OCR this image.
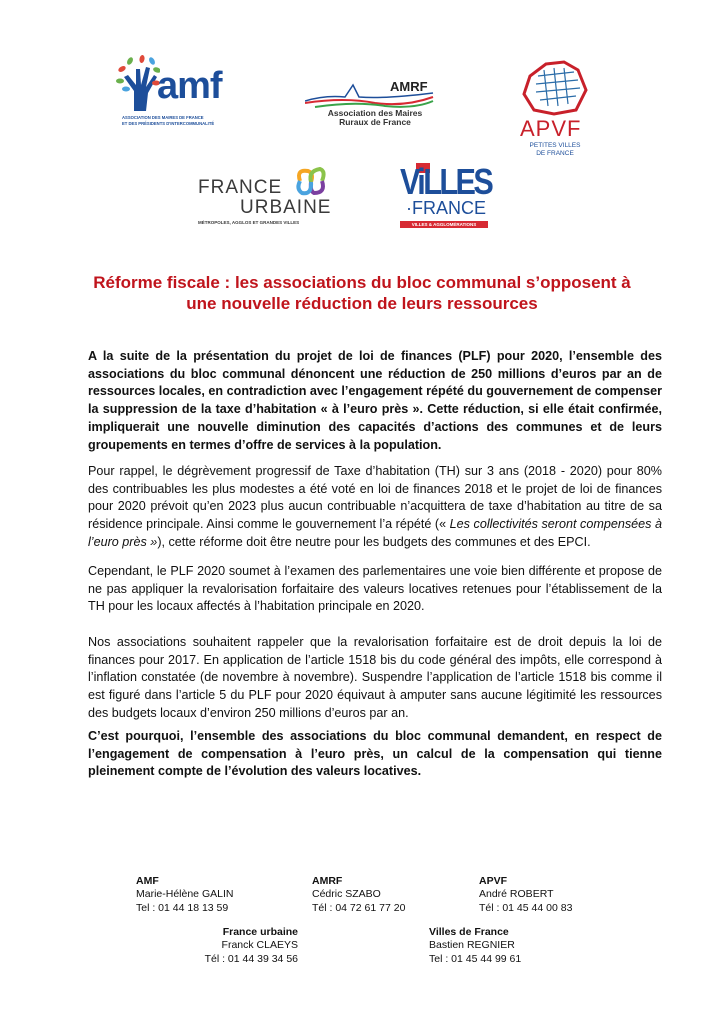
amf
ASSOCIATION DES MAIRES DE FRANCE
ET DES PRÉSIDENTS D'INTERCOMMUNALITÉ
AMRF
Association des Maires
Ruraux de France	APVF
PETITES VILLES
DE FRANCE
FRANCE
URBAINE
MÉTROPOLES, AGGLOS ET GRANDES VILLES
ViLLES
·FRANCE
VILLES & AGGLOMÉRATIONS
Réforme fiscale : les associations du bloc communal s’opposent à
une nouvelle réduction de leurs ressources
A la suite de la présentation du projet de loi de finances (PLF) pour 2020, l’ensemble des associations du bloc communal dénoncent une réduction de 250 millions d’euros par an de ressources locales, en contradiction avec l’engagement répété du gouvernement de compenser la suppression de la taxe d’habitation « à l’euro près ». Cette réduction, si elle était confirmée, impliquerait une nouvelle diminution des capacités d’actions des communes et de leurs groupements en termes d’offre de services à la population.
Pour rappel, le dégrèvement progressif de Taxe d’habitation (TH) sur 3 ans (2018 - 2020) pour 80% des contribuables les plus modestes a été voté en loi de finances 2018 et le projet de loi de finances pour 2020 prévoit qu’en 2023 plus aucun contribuable n’acquittera de taxe d’habitation au titre de sa résidence principale. Ainsi comme le gouvernement l’a répété (« Les collectivités seront compensées à l’euro près »), cette réforme doit être neutre pour les budgets des communes et des EPCI.
Cependant, le PLF 2020 soumet à l’examen des parlementaires une voie bien différente et propose de ne pas appliquer la revalorisation forfaitaire des valeurs locatives retenues pour l’établissement de la TH pour les locaux affectés à l’habitation principale en 2020.
Nos associations souhaitent rappeler que la revalorisation forfaitaire est de droit depuis la loi de finances pour 2017. En application de l’article 1518 bis du code général des impôts, elle correspond à l’inflation constatée (de novembre à novembre). Suspendre l’application de l’article 1518 bis comme il est figuré dans l’article 5 du PLF pour 2020 équivaut à amputer sans aucune légitimité les ressources des budgets locaux d’environ 250 millions d’euros par an.
C’est pourquoi, l’ensemble des associations du bloc communal demandent, en respect de l’engagement de compensation à l’euro près, un calcul de la compensation qui tienne pleinement compte de l’évolution des valeurs locatives.
AMF
Marie-Hélène GALIN
Tel : 01 44 18 13 59
AMRF
Cédric SZABO
Tél : 04 72 61 77 20
APVF
André ROBERT
Tél : 01 45 44 00 83
France urbaine
Franck CLAEYS
Tél : 01 44 39 34 56
Villes de France
Bastien REGNIER
Tel : 01 45 44 99 61
